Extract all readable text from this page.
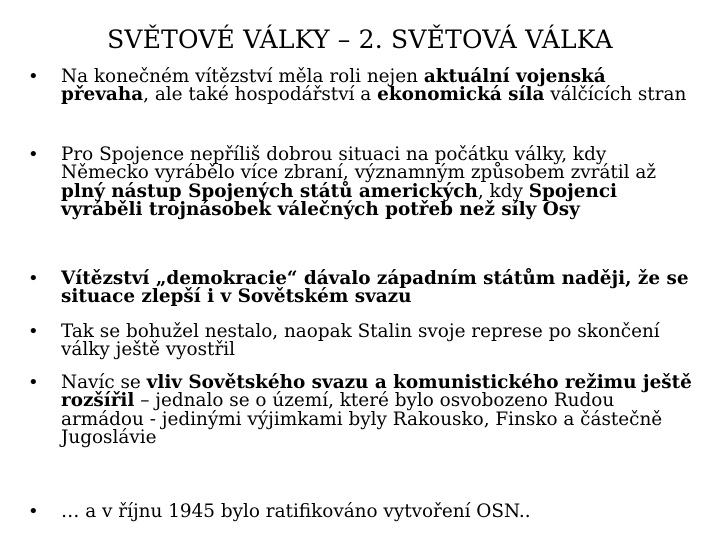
SVĚTOVÉ VÁLKY – 2. SVĚTOVÁ VÁLKA
• Na konečném vítězství měla roli nejen aktuální vojenská převaha, ale také hospodářství a ekonomická síla válčících stran
• Pro Spojence nepříliš dobrou situaci na počátku války, kdy Německo vyrábělo více zbraní, významným způsobem zvrátil až plný nástup Spojených států amerických, kdy Spojenci vyráběli trojnásobek válečných potřeb než síly Osy
• Vítězství „demokracie“ dávalo západním státům naději, že se situace zlepší i v Sovětském svazu
• Tak se bohužel nestalo, naopak Stalin svoje represe po skončení války ještě vyostřil
• Navíc se vliv Sovětského svazu a komunistického režimu ještě rozšířil – jednalo se o území, které bylo osvobozeno Rudou armádou - jedinými výjimkami byly Rakousko, Finsko a částečně Jugoslávie
• … a v říjnu 1945 bylo ratifikováno vytvoření OSN..
